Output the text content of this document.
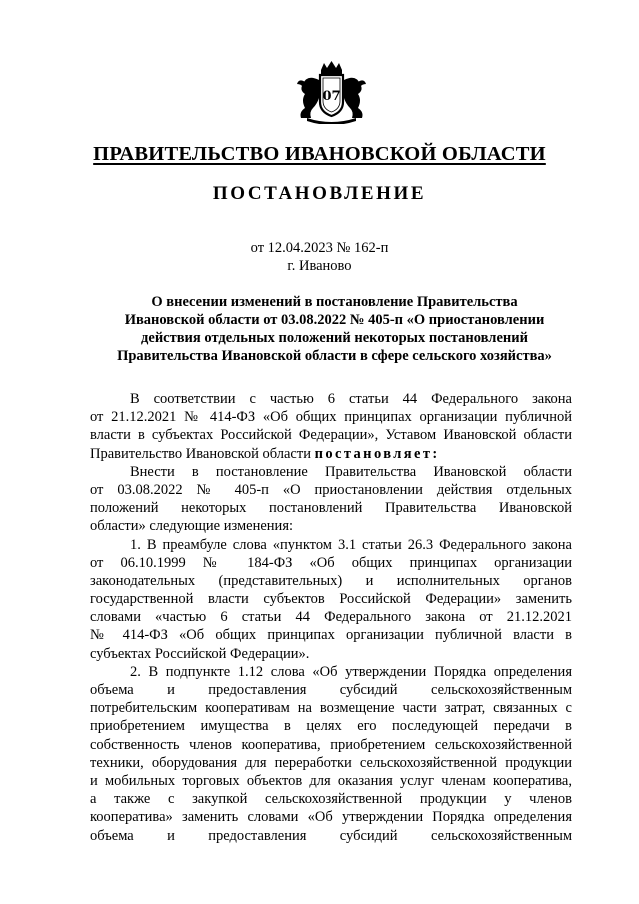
07
ПРАВИТЕЛЬСТВО ИВАНОВСКОЙ ОБЛАСТИ
ПОСТАНОВЛЕНИЕ
от 12.04.2023 № 162-п
г. Иваново
О внесении изменений в постановление Правительства
Ивановской области от 03.08.2022 № 405-п «О приостановлении
действия отдельных положений некоторых постановлений
Правительства Ивановской области в сфере сельского хозяйства»
В соответствии с частью 6 статьи 44 Федерального закона
от 21.12.2021 № 414-ФЗ «Об общих принципах организации публичной
власти в субъектах Российской Федерации», Уставом Ивановской области
Правительство Ивановской области постановляет:
Внести в постановление Правительства Ивановской области
от 03.08.2022 № 405-п «О приостановлении действия отдельных
положений некоторых постановлений Правительства Ивановской
области» следующие изменения:
1. В преамбуле слова «пунктом 3.1 статьи 26.3 Федерального закона
от 06.10.1999 № 184-ФЗ «Об общих принципах организации
законодательных (представительных) и исполнительных органов
государственной власти субъектов Российской Федерации» заменить
словами «частью 6 статьи 44 Федерального закона от 21.12.2021
№ 414-ФЗ «Об общих принципах организации публичной власти в
субъектах Российской Федерации».
2. В подпункте 1.12 слова «Об утверждении Порядка определения
объема и предоставления субсидий сельскохозяйственным
потребительским кооперативам на возмещение части затрат, связанных с
приобретением имущества в целях его последующей передачи в
собственность членов кооператива, приобретением сельскохозяйственной
техники, оборудования для переработки сельскохозяйственной продукции
и мобильных торговых объектов для оказания услуг членам кооператива,
а также с закупкой сельскохозяйственной продукции у членов
кооператива» заменить словами «Об утверждении Порядка определения
объема и предоставления субсидий сельскохозяйственным
